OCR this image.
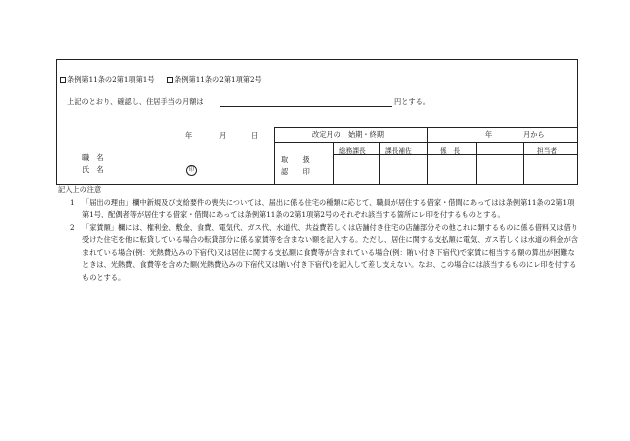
条例第11条の2第1項第1号	条例第11条の2第1項第2号
上記のとおり、確認し、住居手当の月額は	円とする。
年	月	日
職　名
氏　名	印
改定月の　始期・終期	年	月から
取　　扱
認　　印
総務課長	課長補佐	係　長	担当者
記入上の注意
1 「届出の理由」欄中新規及び支給要件の喪失については、届出に係る住宅の種類に応じて、職員が居住する借家・借間にあってはは条例第11条の2第1項第1号、配偶者等が居住する借家・借間にあっては条例第11条の2第1項第2号のそれぞれ該当する箇所にレ印を付するものとする。

2 「家賃額」欄には、権利金、敷金、食費、電気代、ガス代、水道代、共益費若しくは店舗付き住宅の店舗部分その他これに類するものに係る借料又は借り受けた住宅を他に転貸している場合の転貸部分に係る家賃等を含まない額を記入する。ただし、居住に関する支払額に電気、ガス若しくは水道の料金が含まれている場合(例：光熱費込みの下宿代)又は居住に関する支払額に食費等が含まれている場合(例：賄い付き下宿代)で家賃に相当する額の算出が困難なときは、光熱費、食費等を含めた額(光熱費込みの下宿代又は賄い付き下宿代)を記入して差し支えない。なお、この場合には該当するものにレ印を付するものとする。
